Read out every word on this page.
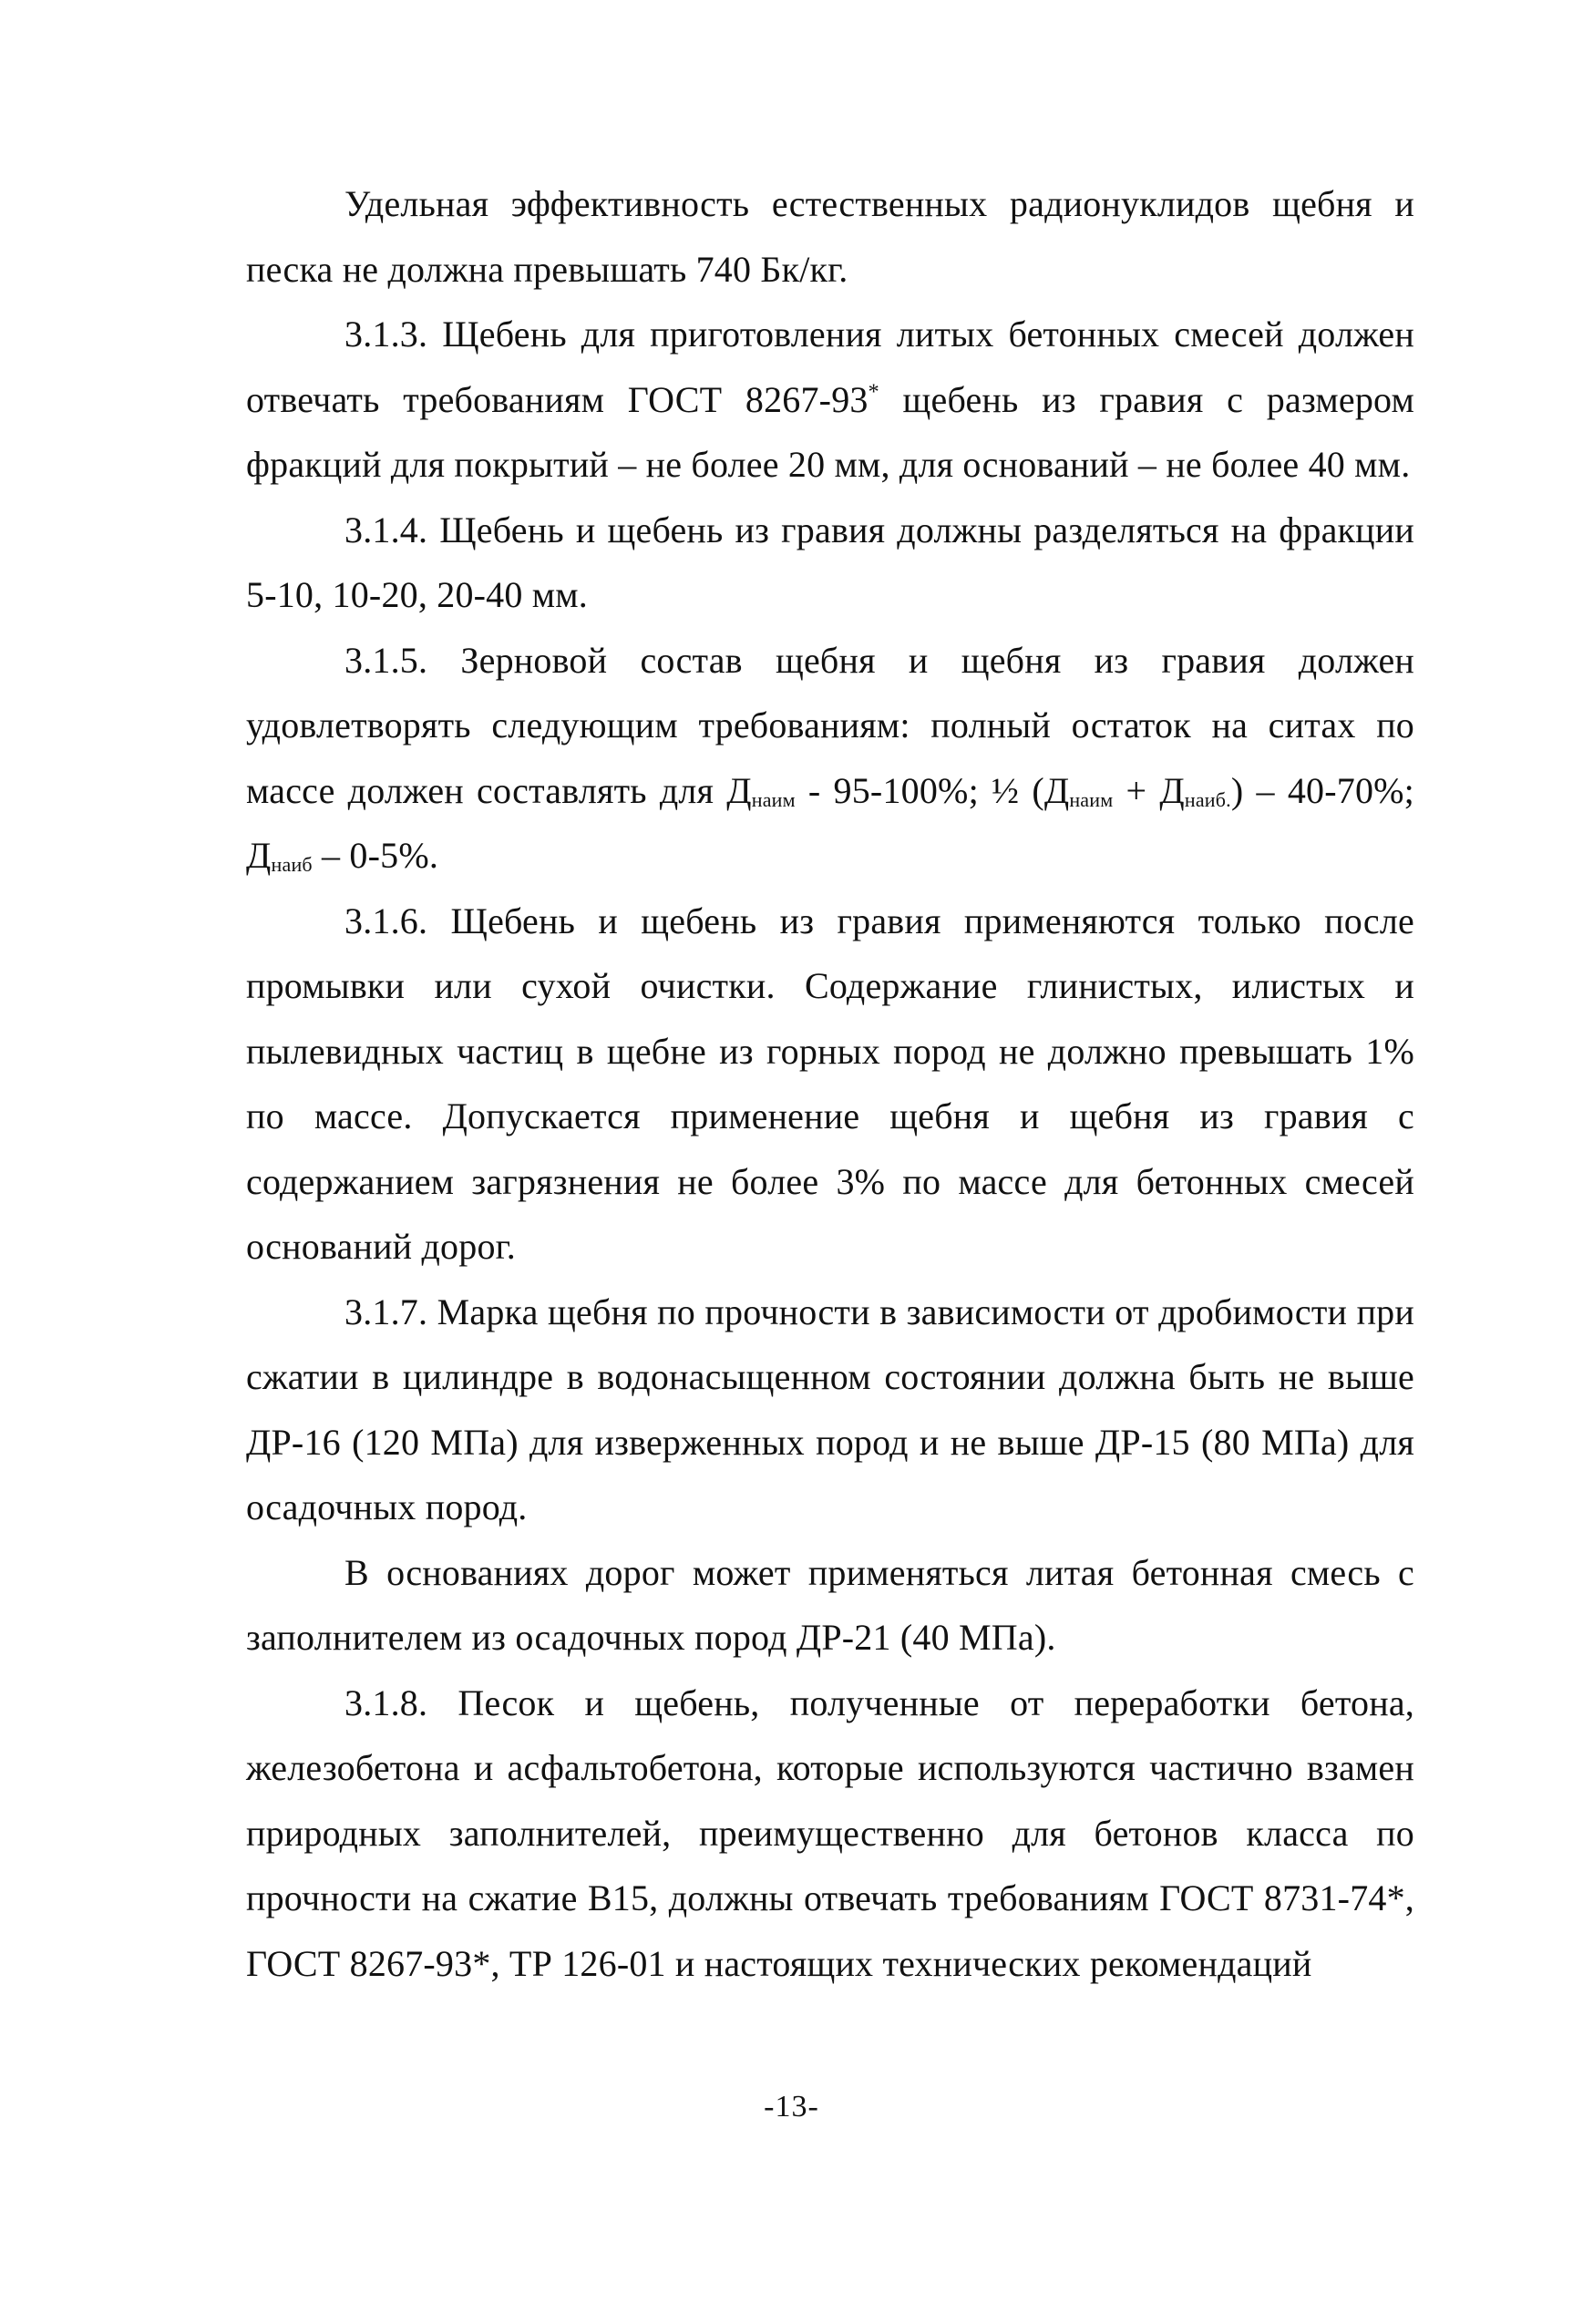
Удельная эффективность естественных радионуклидов щебня и песка не должна превышать 740 Бк/кг.

3.1.3. Щебень для приготовления литых бетонных смесей должен отвечать требованиям ГОСТ 8267-93* щебень из гравия с размером фракций для покрытий – не более 20 мм, для оснований – не более 40 мм.

3.1.4. Щебень и щебень из гравия должны разделяться на фракции 5-10, 10-20, 20-40 мм.

3.1.5. Зерновой состав щебня и щебня из гравия должен удовлетворять следующим требованиям: полный остаток на ситах по массе должен составлять для $Д_{наим} - 95-100\%$; ½ $(Д_{наим} + Д_{наиб.}) - 40-70\%$; $Д_{наиб} - 0-5\%$.

3.1.6. Щебень и щебень из гравия применяются только после промывки или сухой очистки. Содержание глинистых, илистых и пылевидных частиц в щебне из горных пород не должно превышать 1% по массе. Допускается применение щебня и щебня из гравия с содержанием загрязнения не более 3% по массе для бетонных смесей оснований дорог.

3.1.7. Марка щебня по прочности в зависимости от дробимости при сжатии в цилиндре в водонасыщенном состоянии должна быть не выше ДР-16 (120 МПа) для изверженных пород и не выше ДР-15 (80 МПа) для осадочных пород.

В основаниях дорог может применяться литая бетонная смесь с заполнителем из осадочных пород ДР-21 (40 МПа).

3.1.8. Песок и щебень, полученные от переработки бетона, железобетона и асфальтобетона, которые используются частично взамен природных заполнителей, преимущественно для бетонов класса по прочности на сжатие В15, должны отвечать требованиям ГОСТ 8731-74*, ГОСТ 8267-93*, ТР 126-01 и настоящих технических рекомендаций

-13-
